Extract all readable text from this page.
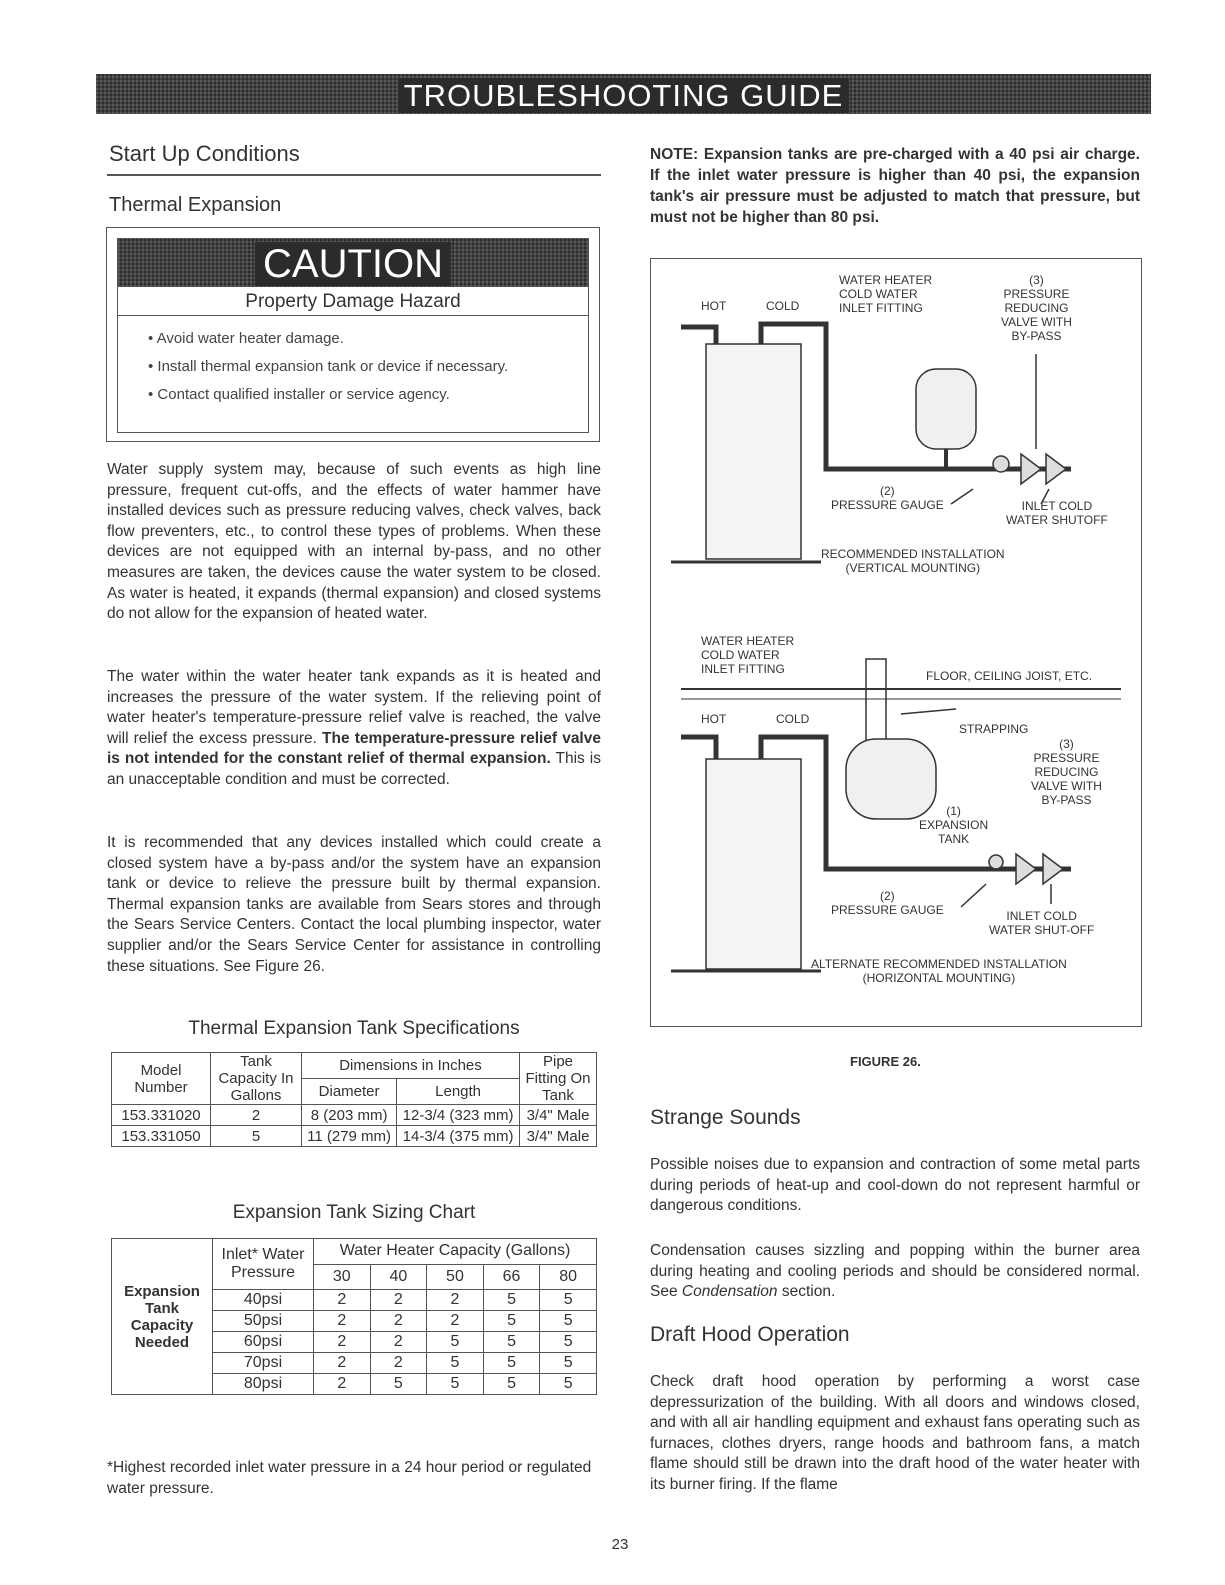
TROUBLESHOOTING GUIDE
Start Up Conditions
Thermal Expansion
CAUTION
Property Damage Hazard
• Avoid water heater damage.
• Install thermal expansion tank or device if necessary.
• Contact qualified installer or service agency.

Water supply system may, because of such events as high line pressure, frequent cut-offs, and the effects of water hammer have installed devices such as pressure reducing valves, check valves, back flow preventers, etc., to control these types of problems. When these devices are not equipped with an internal by-pass, and no other measures are taken, the devices cause the water system to be closed. As water is heated, it expands (thermal expansion) and closed systems do not allow for the expansion of heated water.

The water within the water heater tank expands as it is heated and increases the pressure of the water system. If the relieving point of water heater's temperature-pressure relief valve is reached, the valve will relief the excess pressure. The temperature-pressure relief valve is not intended for the constant relief of thermal expansion. This is an unacceptable condition and must be corrected.

It is recommended that any devices installed which could create a closed system have a by-pass and/or the system have an expansion tank or device to relieve the pressure built by thermal expansion. Thermal expansion tanks are available from Sears stores and through the Sears Service Centers. Contact the local plumbing inspector, water supplier and/or the Sears Service Center for assistance in controlling these situations. See Figure 26.

Thermal Expansion Tank Specifications
Model Number	Tank Capacity In Gallons	Dimensions in Inches		Pipe Fitting On Tank
		Diameter	Length	
153.331020	2	8 (203 mm)	12-3/4 (323 mm)	3/4" Male
153.331050	5	11 (279 mm)	14-3/4 (375 mm)	3/4" Male
Expansion Tank Sizing Chart
Expansion Tank Capacity Needed	Inlet* Water Pressure	Water Heater Capacity (Gallons)				
		30	40	50	66	80
	40psi	2	2	2	5	5
	50psi	2	2	2	5	5
	60psi	2	2	5	5	5
	70psi	2	2	5	5	5
	80psi	2	5	5	5	5

*Highest recorded inlet water pressure in a 24 hour period or regulated water pressure.

NOTE: Expansion tanks are pre-charged with a 40 psi air charge. If the inlet water pressure is higher than 40 psi, the expansion tank's air pressure must be adjusted to match that pressure, but must not be higher than 80 psi.

WATER HEATER
COLD WATER
INLET FITTING
(3)
PRESSURE
REDUCING
VALVE WITH
BY-PASS
HOT	COLD
(2)
PRESSURE GAUGE	INLET COLD
WATER SHUTOFF
RECOMMENDED INSTALLATION
(VERTICAL MOUNTING)
WATER HEATER
COLD WATER
INLET FITTING	FLOOR, CEILING JOIST, ETC.
HOT	COLD
STRAPPING
(3)
PRESSURE
REDUCING
VALVE WITH
BY-PASS
(1)
EXPANSION
TANK
(2)
PRESSURE GAUGE	INLET COLD
WATER SHUT-OFF
ALTERNATE RECOMMENDED INSTALLATION
(HORIZONTAL MOUNTING)
FIGURE 26.
Strange Sounds

Possible noises due to expansion and contraction of some metal parts during periods of heat-up and cool-down do not represent harmful or dangerous conditions.

Condensation causes sizzling and popping within the burner area during heating and cooling periods and should be considered normal. See Condensation section.

Draft Hood Operation

Check draft hood operation by performing a worst case depressurization of the building. With all doors and windows closed, and with all air handling equipment and exhaust fans operating such as furnaces, clothes dryers, range hoods and bathroom fans, a match flame should still be drawn into the draft hood of the water heater with its burner firing. If the flame

23
